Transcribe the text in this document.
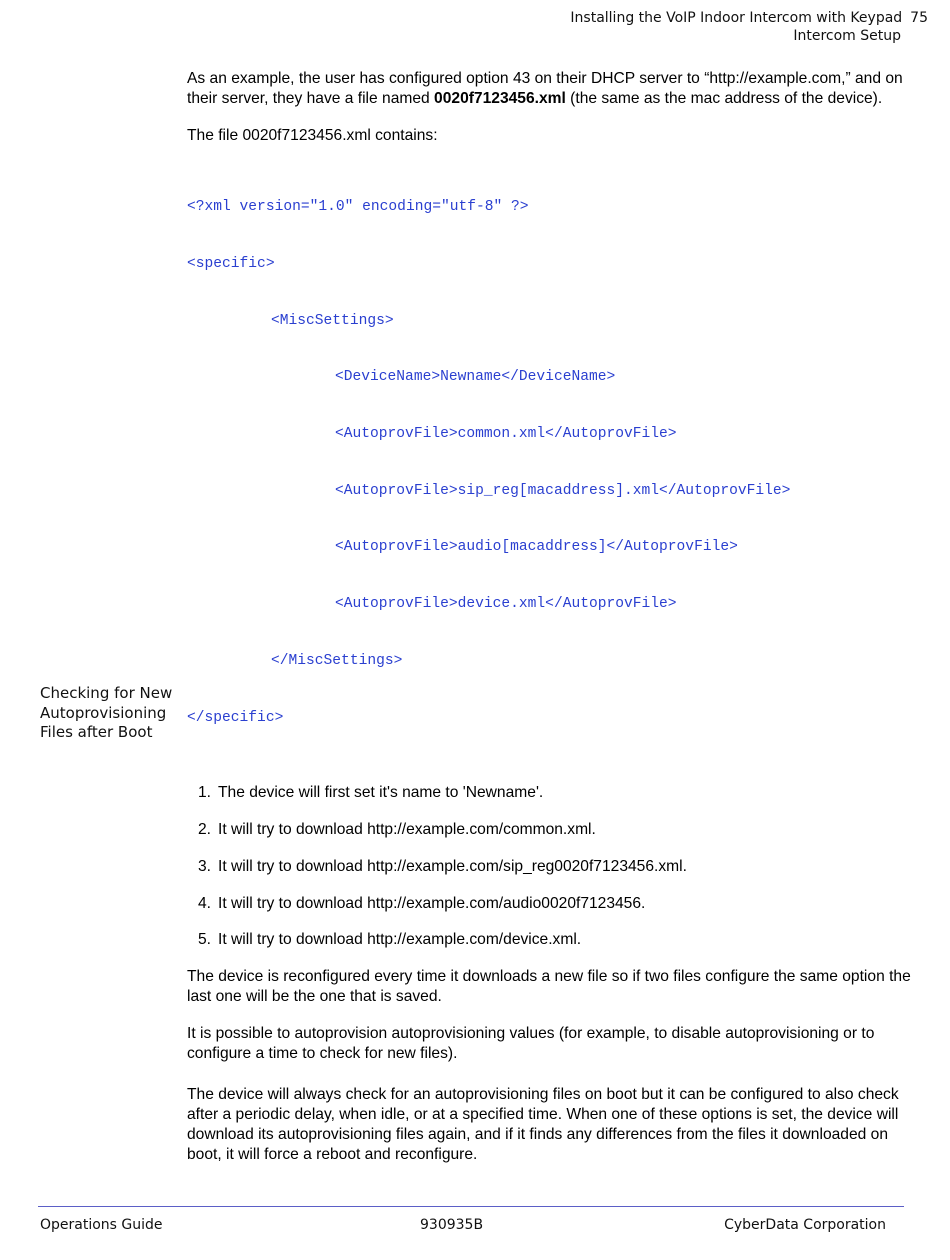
Installing the VoIP Indoor Intercom with Keypad 75
Intercom Setup

As an example, the user has configured option 43 on their DHCP server to “http://example.com,” and on their server, they have a file named 0020f7123456.xml (the same as the mac address of the device).

The file 0020f7123456.xml contains:

<?xml version="1.0" encoding="utf-8" ?>

<specific>

<MiscSettings>

<DeviceName>Newname</DeviceName>

<AutoprovFile>common.xml</AutoprovFile>

<AutoprovFile>sip_reg[macaddress].xml</AutoprovFile>

<AutoprovFile>audio[macaddress]</AutoprovFile>

<AutoprovFile>device.xml</AutoprovFile>

</MiscSettings>

</specific>

1. The device will first set it's name to 'Newname'.
2. It will try to download http://example.com/common.xml.
3. It will try to download http://example.com/sip_reg0020f7123456.xml.
4. It will try to download http://example.com/audio0020f7123456.
5. It will try to download http://example.com/device.xml.

The device is reconfigured every time it downloads a new file so if two files configure the same option the last one will be the one that is saved.

It is possible to autoprovision autoprovisioning values (for example, to disable autoprovisioning or to configure a time to check for new files).

The device will always check for an autoprovisioning files on boot but it can be configured to also check after a periodic delay, when idle, or at a specified time. When one of these options is set, the device will download its autoprovisioning files again, and if it finds any differences from the files it downloaded on boot, it will force a reboot and reconfigure.

Checking for New
Autoprovisioning
Files after Boot
Operations Guide	930935B	CyberData Corporation
